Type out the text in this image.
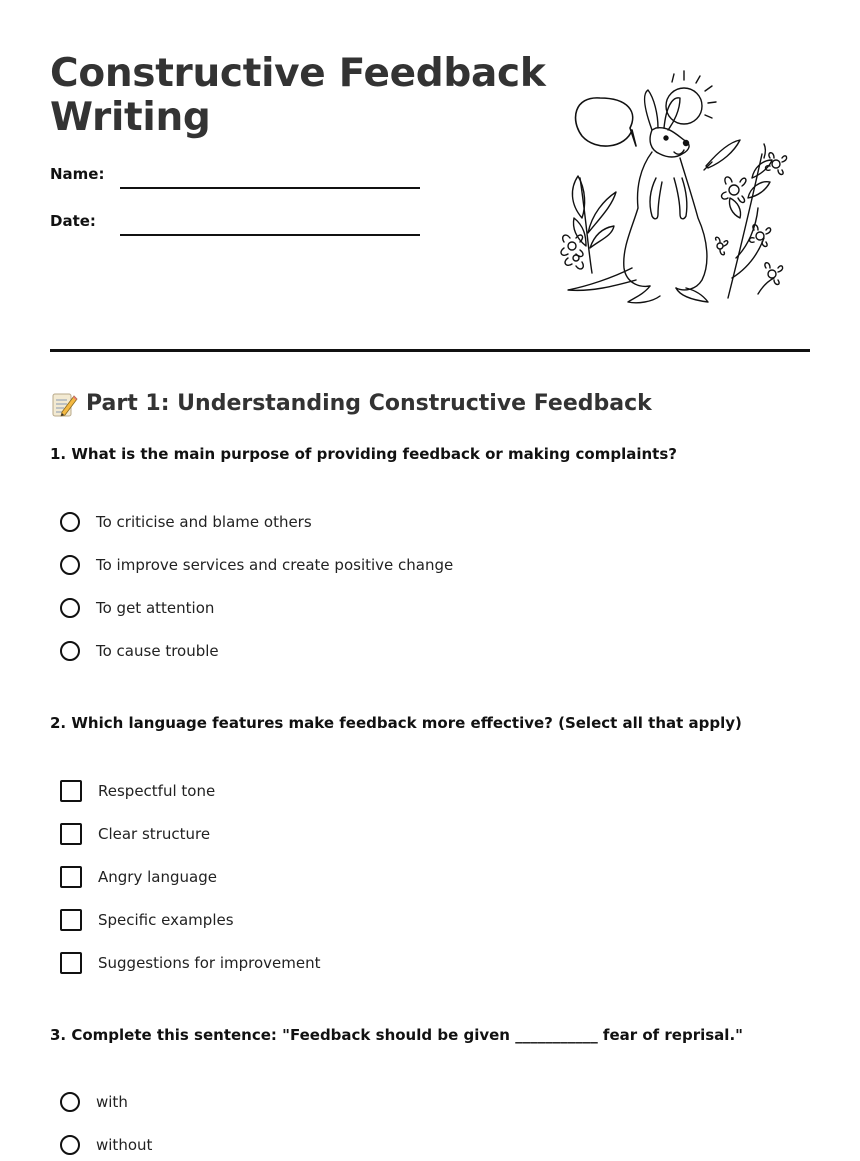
Constructive Feedback
Writing
Name:
Date:
Part 1: Understanding Constructive Feedback

1. What is the main purpose of providing feedback or making complaints?

To criticise and blame others
To improve services and create positive change
To get attention
To cause trouble

2. Which language features make feedback more effective? (Select all that apply)

Respectful tone
Clear structure
Angry language
Specific examples
Suggestions for improvement

3. Complete this sentence: "Feedback should be given ___________ fear of reprisal."

with
without
